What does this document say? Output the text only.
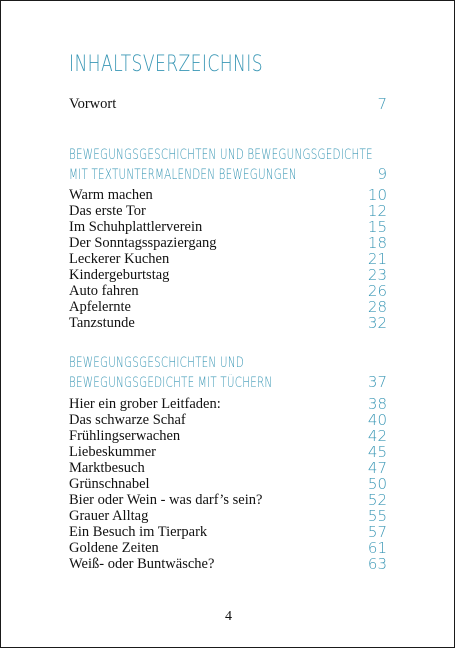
INHALTSVERZEICHNIS
Vorwort	7
BEWEGUNGSGESCHICHTEN UND BEWEGUNGSGEDICHTE
MIT TEXTUNTERMALENDEN BEWEGUNGEN	9
Warm machen	10
Das erste Tor	12
Im Schuhplattlerverein	15
Der Sonntagsspaziergang	18
Leckerer Kuchen	21
Kindergeburtstag	23
Auto fahren	26
Apfelernte	28
Tanzstunde	32
BEWEGUNGSGESCHICHTEN UND
BEWEGUNGSGEDICHTE MIT TÜCHERN	37
Hier ein grober Leitfaden:	38
Das schwarze Schaf	40
Frühlingserwachen	42
Liebeskummer	45
Marktbesuch	47
Grünschnabel	50
Bier oder Wein - was darf’s sein?	52
Grauer Alltag	55
Ein Besuch im Tierpark	57
Goldene Zeiten	61
Weiß- oder Buntwäsche?	63
4
